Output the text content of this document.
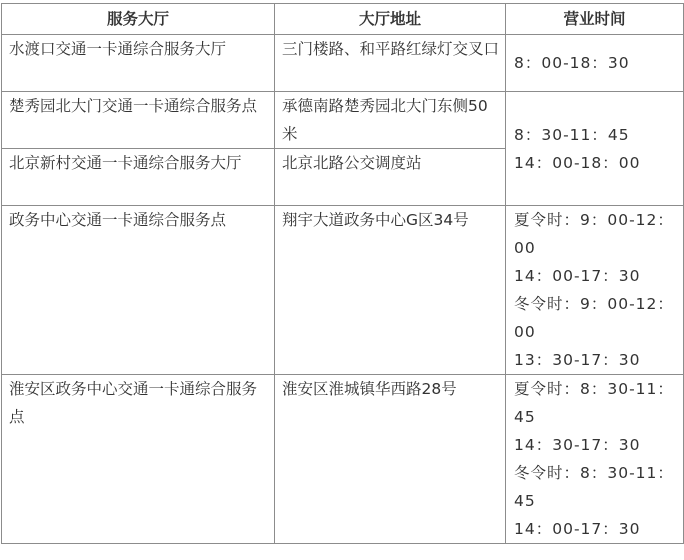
服务大厅	大厅地址	营业时间
水渡口交通一卡通综合服务大厅	三门楼路、和平路红绿灯交叉口	8：00-18：30

楚秀园北大门交通一卡通综合服务点	承德南路楚秀园北大门东侧50米	8：30-11：45
14：00-18：00

北京新村交通一卡通综合服务大厅	北京北路公交调度站	
政务中心交通一卡通综合服务点	翔宇大道政务中心G区34号	夏令时：9：00-12：00
14：00-17：30
冬令时：9：00-12：00
13：30-17：30

淮安区政务中心交通一卡通综合服务点	淮安区淮城镇华西路28号	夏令时：8：30-11：45
14：30-17：30
冬令时：8：30-11：45
14：00-17：30
